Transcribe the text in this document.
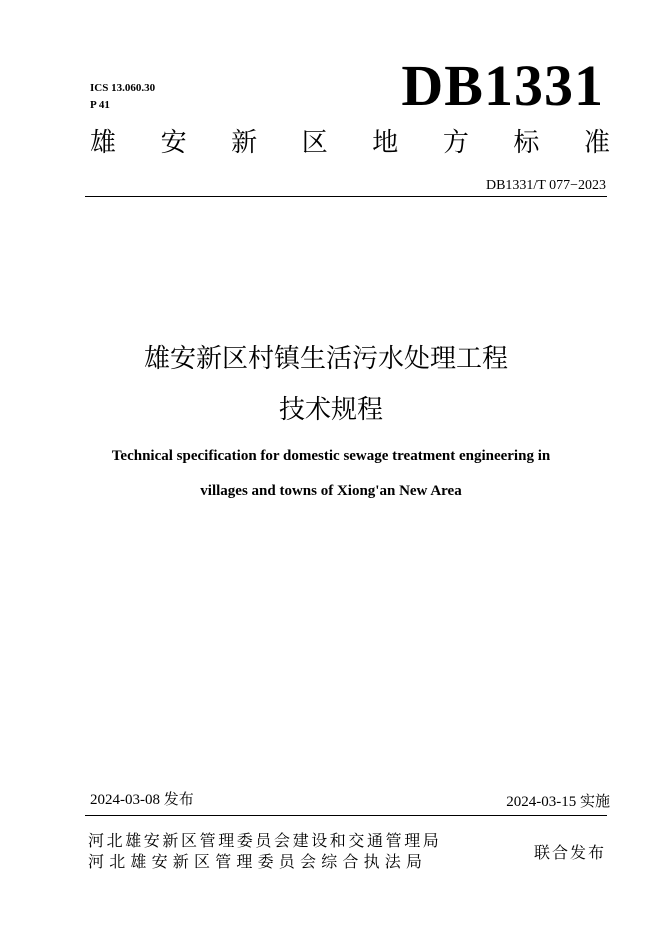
ICS 13.060.30
P 41	DB1331
雄 安 新 区 地 方 标 准
DB1331/T 077−2023
雄安新区村镇生活污水处理工程
技术规程
Technical specification for domestic sewage treatment engineering in
villages and towns of Xiong'an New Area
2024-03-08 发布	2024-03-15 实施
河北雄安新区管理委员会建设和交通管理局
河北雄安新区管理委员会综合执法局	联合发布
